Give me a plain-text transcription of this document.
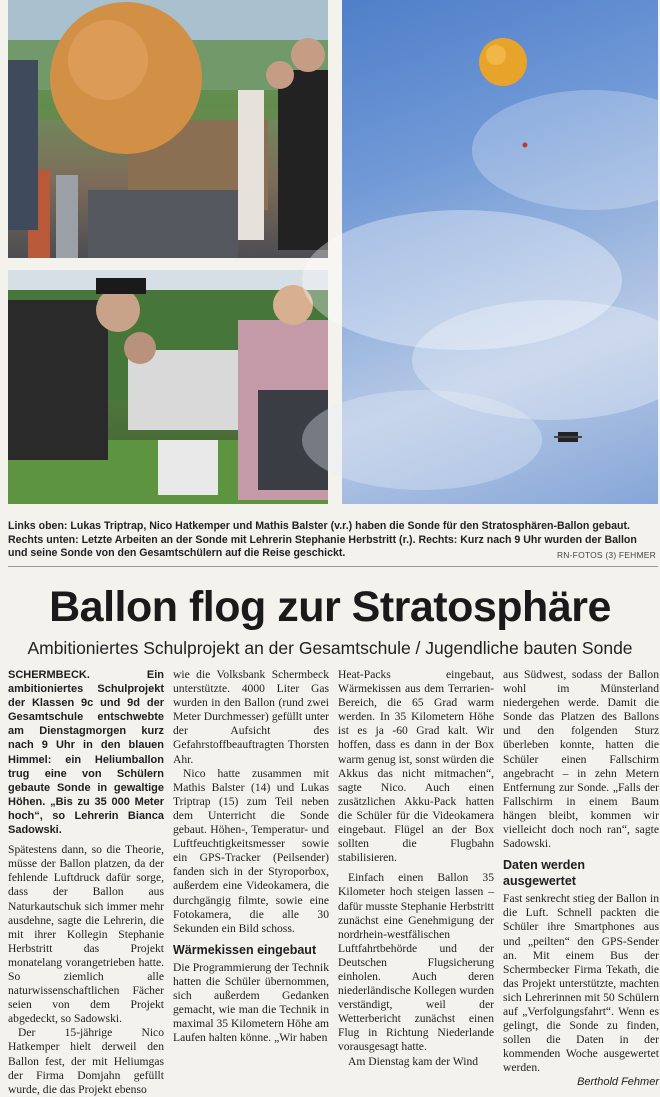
Links oben: Lukas Triptrap, Nico Hatkemper und Mathis Balster (v.r.) haben die Sonde für den Stratosphären-Ballon gebaut. Rechts unten: Letzte Arbeiten an der Sonde mit Lehrerin Stephanie Herbstritt (r.). Rechts: Kurz nach 9 Uhr wurden der Ballon und seine Sonde von den Gesamtschülern auf die Reise geschickt.	RN-FOTOS (3) FEHMER
Ballon flog zur Stratosphäre
Ambitioniertes Schulprojekt an der Gesamtschule / Jugendliche bauten Sonde

SCHERMBECK. Ein ambitioniertes Schulprojekt der Klassen 9c und 9d der Gesamtschule entschwebte am Dienstagmorgen kurz nach 9 Uhr in den blauen Himmel: ein Heliumballon trug eine von Schülern gebaute Sonde in gewaltige Höhen. „Bis zu 35 000 Meter hoch“, so Lehrerin Bianca Sadowski.

Spätestens dann, so die Theorie, müsse der Ballon platzen, da der fehlende Luftdruck dafür sorge, dass der Ballon aus Naturkautschuk sich immer mehr ausdehne, sagte die Lehrerin, die mit ihrer Kollegin Stephanie Herbstritt das Projekt monatelang vorangetrieben hatte. So ziemlich alle naturwissenschaftlichen Fächer seien von dem Projekt abgedeckt, so Sadowski.

Der 15-jährige Nico Hatkemper hielt derweil den Ballon fest, der mit Heliumgas der Firma Domjahn gefüllt wurde, die das Projekt ebenso

wie die Volksbank Schermbeck unterstützte. 4000 Liter Gas wurden in den Ballon (rund zwei Meter Durchmesser) gefüllt unter der Aufsicht des Gefahrstoffbeauftragten Thorsten Ahr.

Nico hatte zusammen mit Mathis Balster (14) und Lukas Triptrap (15) zum Teil neben dem Unterricht die Sonde gebaut. Höhen-, Temperatur- und Luftfeuchtigkeitsmesser sowie ein GPS-Tracker (Peilsender) fanden sich in der Styroporbox, außerdem eine Videokamera, die durchgängig filmte, sowie eine Fotokamera, die alle 30 Sekunden ein Bild schoss.

Wärmekissen eingebaut

Die Programmierung der Technik hatten die Schüler übernommen, sich außerdem Gedanken gemacht, wie man die Technik in maximal 35 Kilometern Höhe am Laufen halten könne. „Wir haben

Heat-Packs eingebaut, Wärmekissen aus dem Terrarien-Bereich, die 65 Grad warm werden. In 35 Kilometern Höhe ist es ja -60 Grad kalt. Wir hoffen, dass es dann in der Box warm genug ist, sonst würden die Akkus das nicht mitmachen“, sagte Nico. Auch einen zusätzlichen Akku-Pack hatten die Schüler für die Videokamera eingebaut. Flügel an der Box sollten die Flugbahn stabilisieren.

Einfach einen Ballon 35 Kilometer hoch steigen lassen – dafür musste Stephanie Herbstritt zunächst eine Genehmigung der nordrhein-westfälischen Luftfahrtbehörde und der Deutschen Flugsicherung einholen. Auch deren niederländische Kollegen wurden verständigt, weil der Wetterbericht zunächst einen Flug in Richtung Niederlande vorausgesagt hatte.

Am Dienstag kam der Wind

aus Südwest, sodass der Ballon wohl im Münsterland niedergehen werde. Damit die Sonde das Platzen des Ballons und den folgenden Sturz überleben konnte, hatten die Schüler einen Fallschirm angebracht – in zehn Metern Entfernung zur Sonde. „Falls der Fallschirm in einem Baum hängen bleibt, kommen wir vielleicht doch noch ran“, sagte Sadowski.

Daten werden ausgewertet

Fast senkrecht stieg der Ballon in die Luft. Schnell packten die Schüler ihre Smartphones aus und „peilten“ den GPS-Sender an. Mit einem Bus der Schermbecker Firma Tekath, die das Projekt unterstützte, machten sich Lehrerinnen mit 50 Schülern auf „Verfolgungsfahrt“. Wenn es gelingt, die Sonde zu finden, sollen die Daten in der kommenden Woche ausgewertet werden.

Berthold Fehmer
